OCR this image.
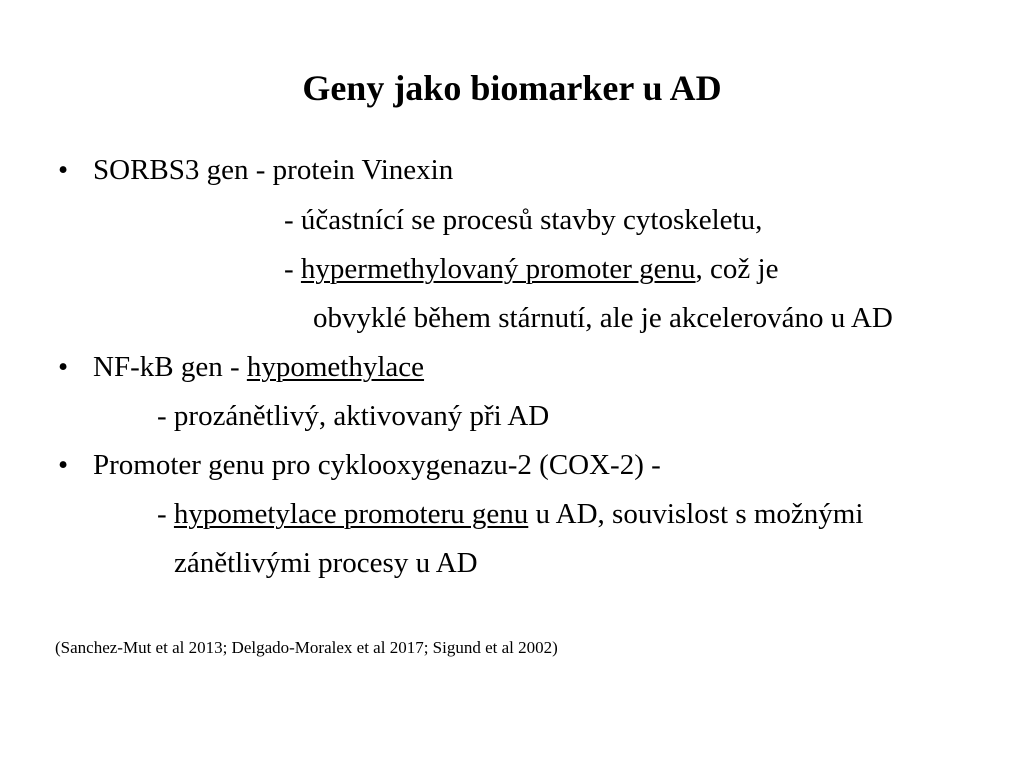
Geny jako biomarker u AD
• SORBS3 gen - protein Vinexin
- účastnící se procesů stavby cytoskeletu,
- hypermethylovaný promoter genu, což je
obvyklé během stárnutí, ale je akcelerováno u AD
• NF-kB gen - hypomethylace
- prozánětlivý, aktivovaný při AD
• Promoter genu pro cyklooxygenazu-2 (COX-2) -
- hypometylace promoteru genu u AD, souvislost s možnými
zánětlivými procesy u AD
(Sanchez-Mut et al 2013; Delgado-Moralex et al 2017; Sigund et al 2002)
